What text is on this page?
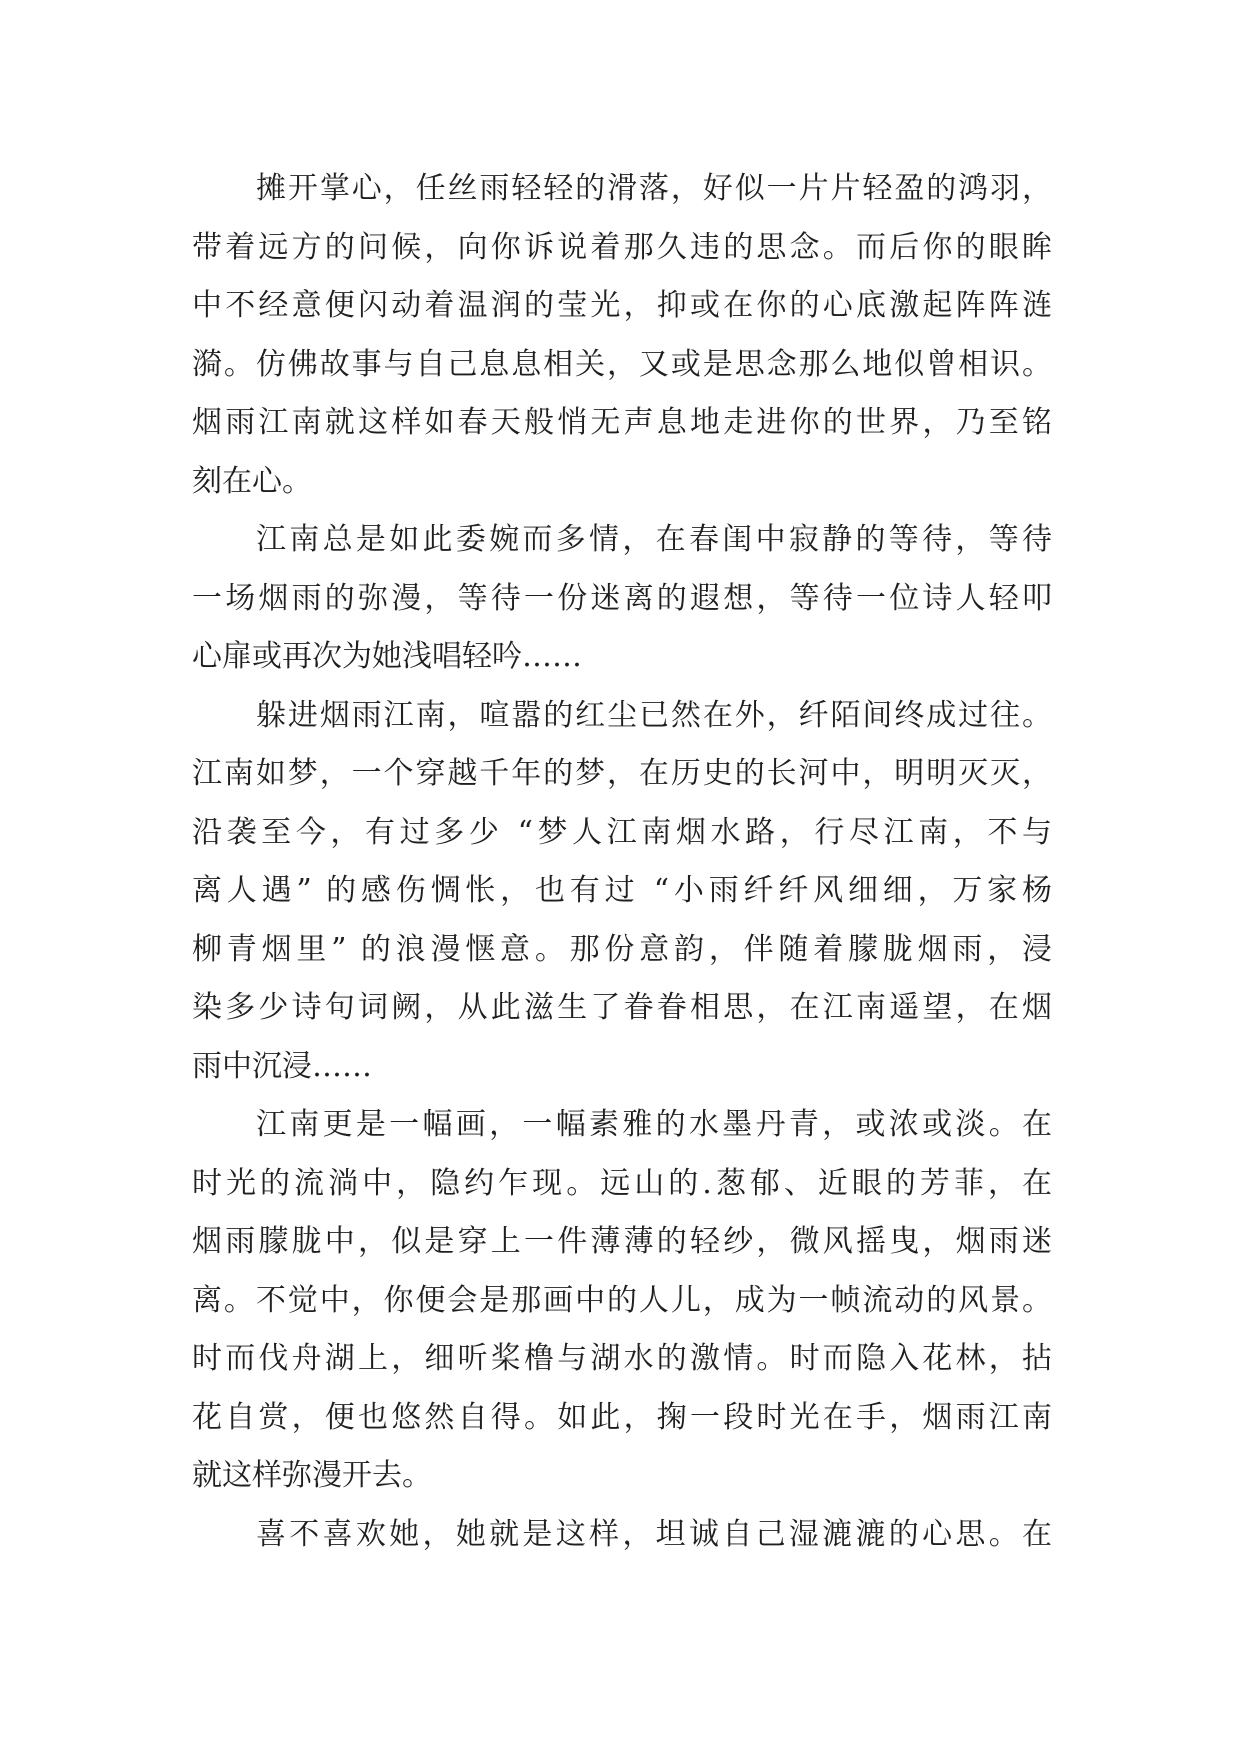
摊开掌心，任丝雨轻轻的滑落，好似一片片轻盈的鸿羽，
带着远方的问候，向你诉说着那久违的思念。而后你的眼眸
中不经意便闪动着温润的莹光，抑或在你的心底激起阵阵涟
漪。仿佛故事与自己息息相关，又或是思念那么地似曾相识。
烟雨江南就这样如春天般悄无声息地走进你的世界，乃至铭
刻在心。
江南总是如此委婉而多情，在春闺中寂静的等待，等待
一场烟雨的弥漫，等待一份迷离的遐想，等待一位诗人轻叩
心扉或再次为她浅唱轻吟……
躲进烟雨江南，喧嚣的红尘已然在外，纤陌间终成过往。
江南如梦，一个穿越千年的梦，在历史的长河中，明明灭灭，
沿袭至今，有过多少 “梦人江南烟水路，行尽江南，不与
离人遇” 的感伤惆怅，也有过 “小雨纤纤风细细，万家杨
柳青烟里” 的浪漫惬意。那份意韵，伴随着朦胧烟雨，浸
染多少诗句词阙，从此滋生了眷眷相思，在江南遥望，在烟
雨中沉浸……
江南更是一幅画，一幅素雅的水墨丹青，或浓或淡。在
时光的流淌中，隐约乍现。远山的.葱郁、近眼的芳菲，在
烟雨朦胧中，似是穿上一件薄薄的轻纱，微风摇曳，烟雨迷
离。不觉中，你便会是那画中的人儿，成为一帧流动的风景。
时而伐舟湖上，细听桨橹与湖水的激情。时而隐入花林，拈
花自赏，便也悠然自得。如此，掬一段时光在手，烟雨江南
就这样弥漫开去。
喜不喜欢她，她就是这样，坦诚自己湿漉漉的心思。在
